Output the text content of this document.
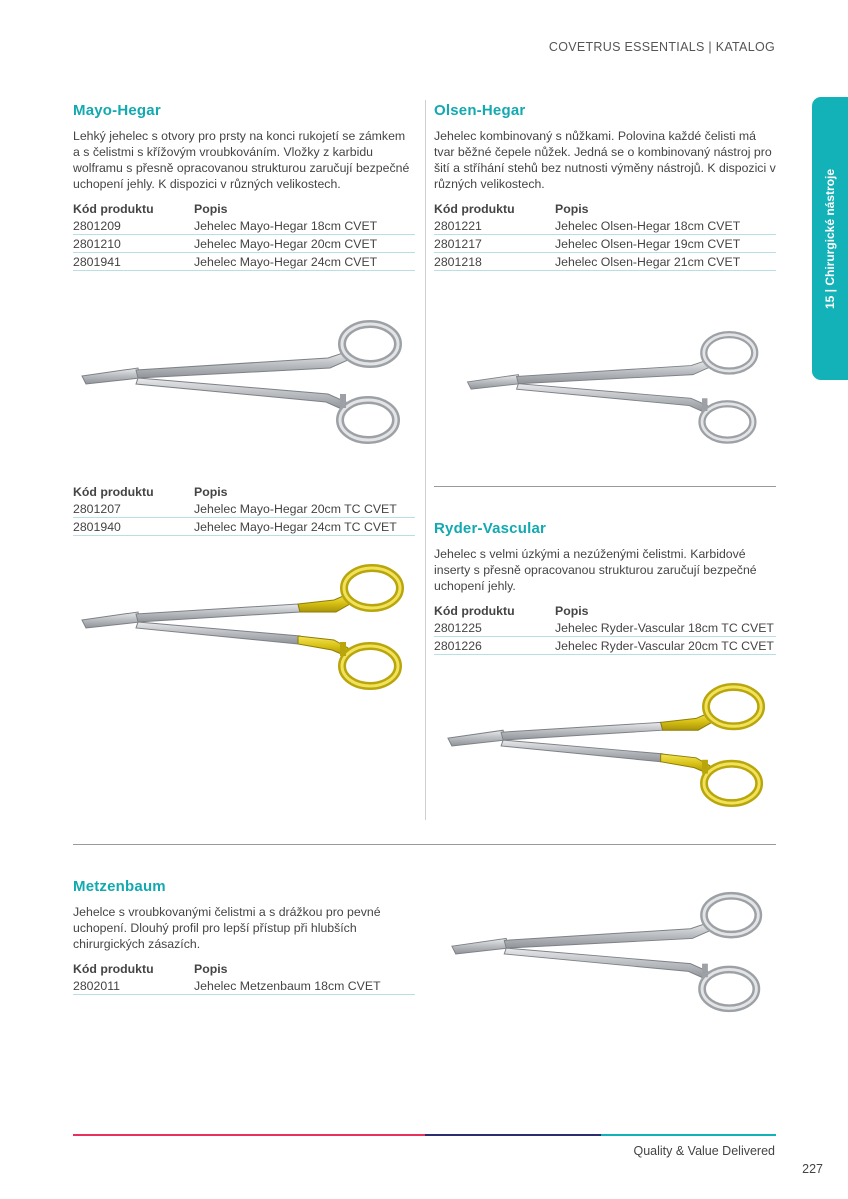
COVETRUS ESSENTIALS | KATALOG
15 | Chirurgické nástroje
Mayo-Hegar

Lehký jehelec s otvory pro prsty na konci rukojetí se zámkem a s čelistmi s křížovým vroubkováním. Vložky z karbidu wolframu s přesně opracovanou strukturou zaručují bezpečné uchopení jehly. K dispozici v různých velikostech.

Kód produktu	Popis
2801209	Jehelec Mayo-Hegar 18cm CVET
2801210	Jehelec Mayo-Hegar 20cm CVET
2801941	Jehelec Mayo-Hegar 24cm CVET
Kód produktu	Popis
2801207	Jehelec Mayo-Hegar 20cm TC CVET
2801940	Jehelec Mayo-Hegar 24cm TC CVET
Olsen-Hegar

Jehelec kombinovaný s nůžkami. Polovina každé čelisti má tvar běžné čepele nůžek. Jedná se o kombinovaný nástroj pro šití a stříhání stehů bez nutnosti výměny nástrojů. K dispozici v různých velikostech.

Kód produktu	Popis
2801221	Jehelec Olsen-Hegar 18cm CVET
2801217	Jehelec Olsen-Hegar 19cm CVET
2801218	Jehelec Olsen-Hegar 21cm CVET
Ryder-Vascular

Jehelec s velmi úzkými a nezúženými čelistmi. Karbidové inserty s přesně opracovanou strukturou zaručují bezpečné uchopení jehly.

Kód produktu	Popis
2801225	Jehelec Ryder-Vascular 18cm TC CVET
2801226	Jehelec Ryder-Vascular 20cm TC CVET
Metzenbaum

Jehelce s vroubkovanými čelistmi a s drážkou pro pevné uchopení. Dlouhý profil pro lepší přístup při hlubších chirurgických zásazích.

Kód produktu	Popis
2802011	Jehelec Metzenbaum 18cm CVET
Quality & Value Delivered
227
